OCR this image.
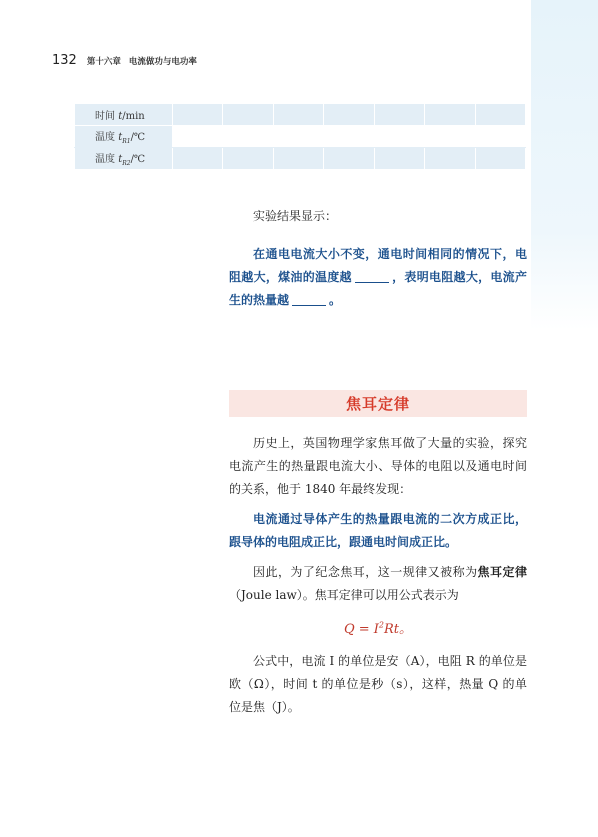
132 第十六章 电流做功与电功率
时间 t/min							
温度 $t_{R1}/℃$							
温度 $t_{R2}/℃$							
实验结果显示：
在通电电流大小不变，通电时间相同的情况下，电阻越大，煤油的温度越	，表明电阻越大，电流产生的热量越	。
焦耳定律
历史上，英国物理学家焦耳做了大量的实验，探究电流产生的热量跟电流大小、导体的电阻以及通电时间的关系，他于 1840 年最终发现：
电流通过导体产生的热量跟电流的二次方成正比，跟导体的电阻成正比，跟通电时间成正比。
因此，为了纪念焦耳，这一规律又被称为焦耳定律（Joule law）。焦耳定律可以用公式表示为
$Q = I^2Rt$。
公式中，电流 I 的单位是安（A），电阻 R 的单位是欧（Ω），时间 t 的单位是秒（s），这样，热量 Q 的单位是焦（J）。
